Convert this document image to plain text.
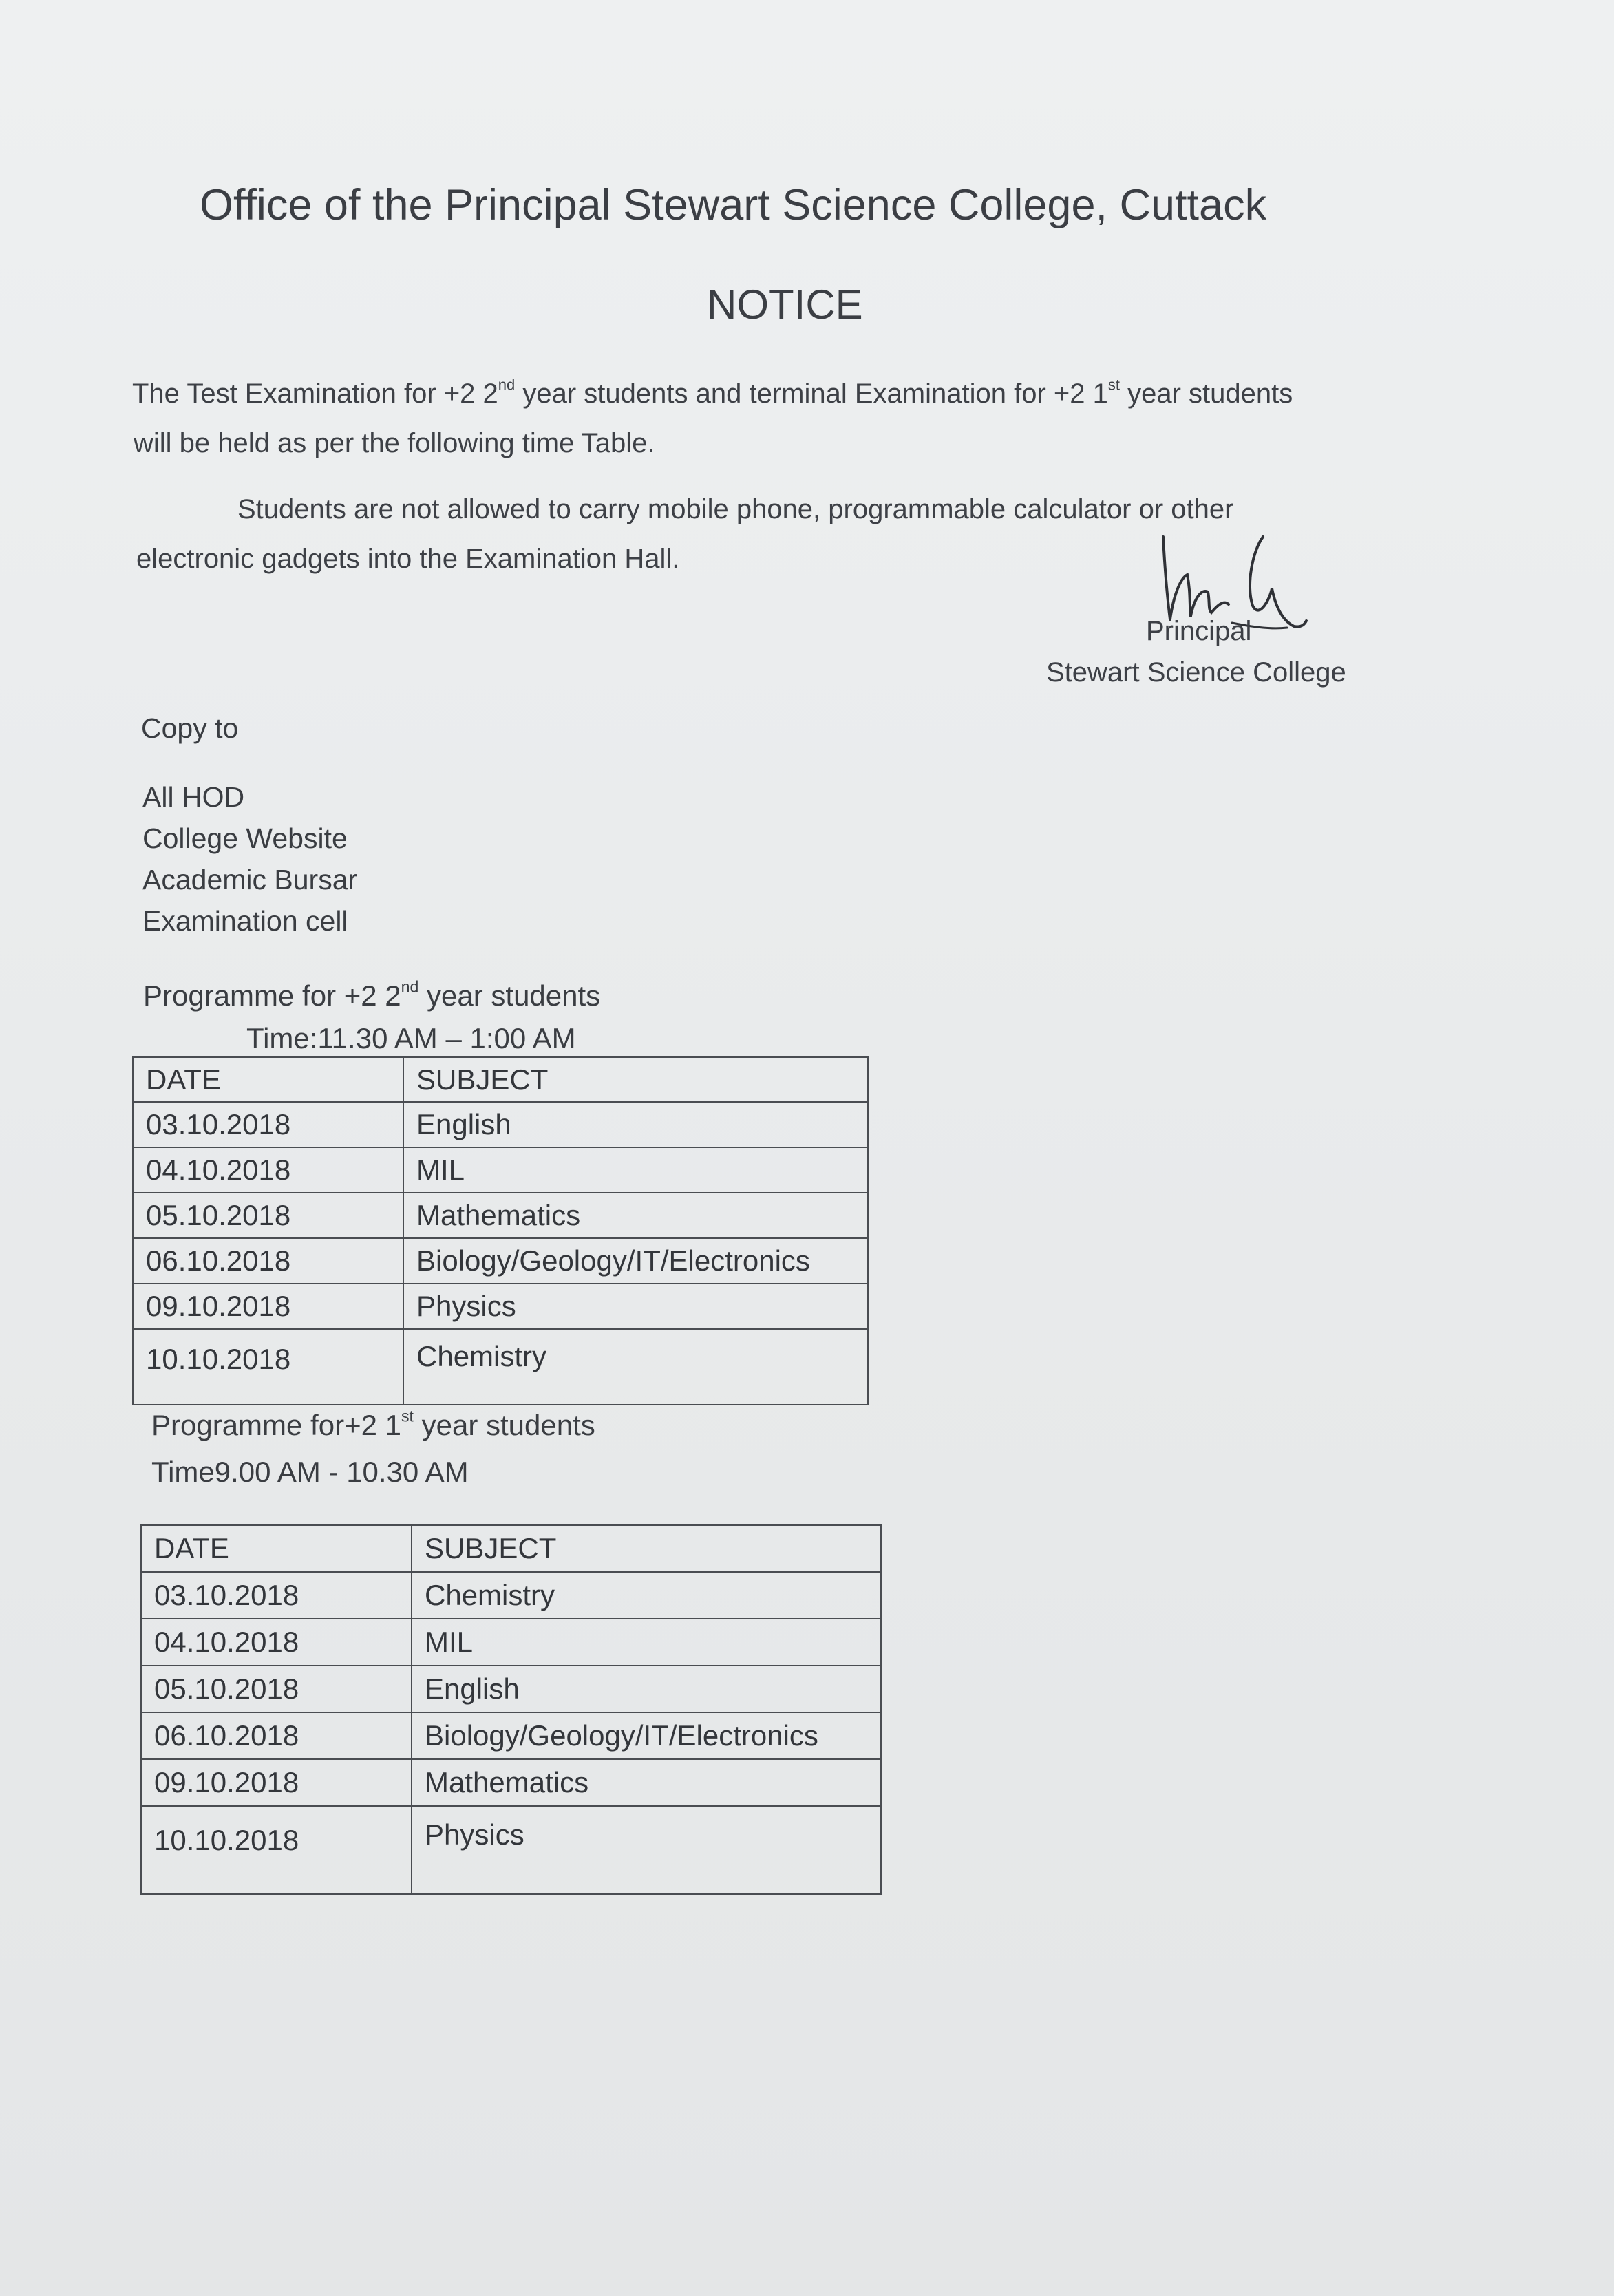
Office of the Principal Stewart Science College, Cuttack
NOTICE
The Test Examination for +2 2nd year students and terminal Examination for +2 1st year students
will be held as per the following time Table.
Students are not allowed to carry mobile phone, programmable calculator or other
electronic gadgets into the Examination Hall.
Principal
Stewart Science College
Copy to
All HOD
College Website
Academic Bursar
Examination cell
Programme for +2 2nd year students
Time:11.30 AM – 1:00 AM
DATE	SUBJECT
03.10.2018	English
04.10.2018	MIL
05.10.2018	Mathematics
06.10.2018	Biology/Geology/IT/Electronics
09.10.2018	Physics
10.10.2018	Chemistry
Programme for+2 1st year students
Time9.00 AM - 10.30 AM
DATE	SUBJECT
03.10.2018	Chemistry
04.10.2018	MIL
05.10.2018	English
06.10.2018	Biology/Geology/IT/Electronics
09.10.2018	Mathematics
10.10.2018	Physics
